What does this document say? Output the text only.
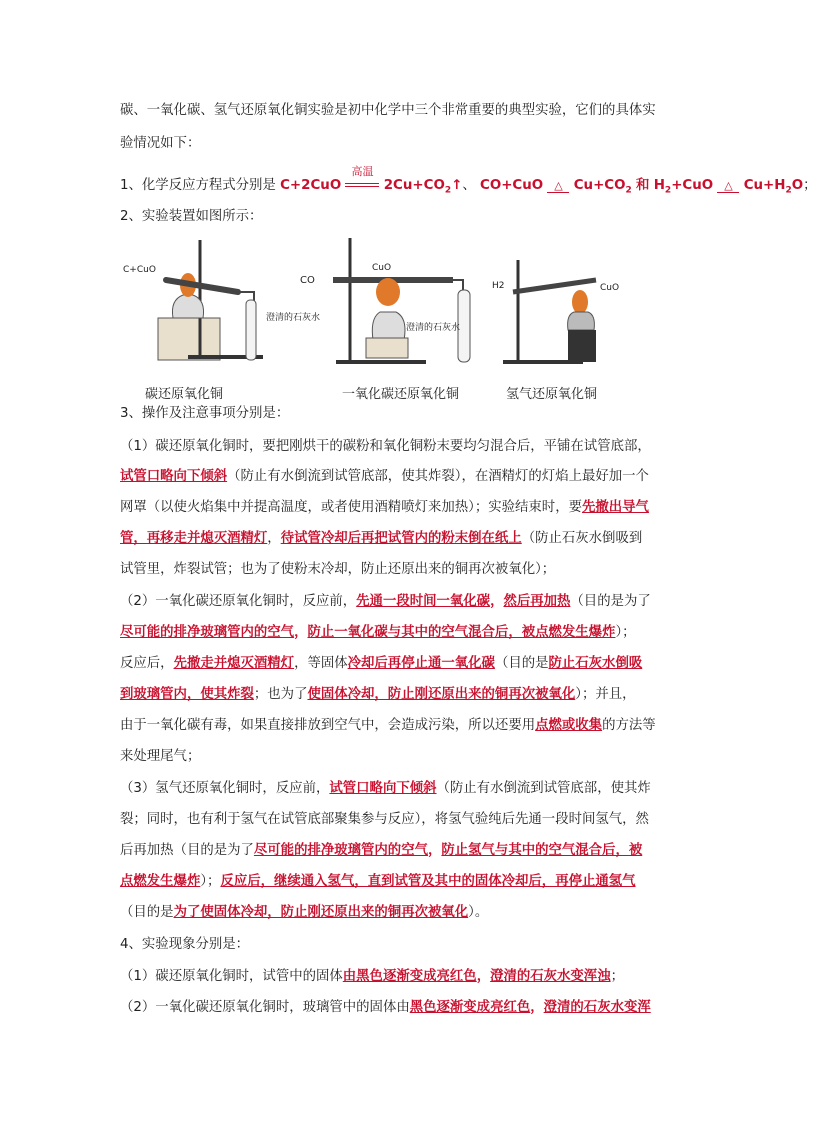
碳、一氧化碳、氢气还原氧化铜实验是初中化学中三个非常重要的典型实验，它们的具体实
验情况如下：
1、化学反应方程式分别是 C+2CuO
高温
$2Cu+CO_2↑$、 CO+CuO △ $Cu+CO_2$ 和 $H_2+CuO$ △ $Cu+H_2O$；
2、实验装置如图所示：
C+CuO
澄清的石灰水
CO
CuO
澄清的石灰水
H2	CuO
碳还原氧化铜	一氧化碳还原氧化铜	氢气还原氧化铜
3、操作及注意事项分别是：
（1）碳还原氧化铜时，要把刚烘干的碳粉和氧化铜粉末要均匀混合后，平铺在试管底部，
试管口略向下倾斜（防止有水倒流到试管底部，使其炸裂），在酒精灯的灯焰上最好加一个
网罩（以使火焰集中并提高温度，或者使用酒精喷灯来加热）；实验结束时，要先撤出导气
管，再移走并熄灭酒精灯，待试管冷却后再把试管内的粉末倒在纸上（防止石灰水倒吸到
试管里，炸裂试管；也为了使粉末冷却，防止还原出来的铜再次被氧化）；
（2）一氧化碳还原氧化铜时，反应前，先通一段时间一氧化碳，然后再加热（目的是为了
尽可能的排净玻璃管内的空气，防止一氧化碳与其中的空气混合后，被点燃发生爆炸）；
反应后，先撤走并熄灭酒精灯，等固体冷却后再停止通一氧化碳（目的是防止石灰水倒吸
到玻璃管内，使其炸裂；也为了使固体冷却，防止刚还原出来的铜再次被氧化）；并且，
由于一氧化碳有毒，如果直接排放到空气中，会造成污染，所以还要用点燃或收集的方法等
来处理尾气；
（3）氢气还原氧化铜时，反应前，试管口略向下倾斜（防止有水倒流到试管底部，使其炸
裂；同时，也有利于氢气在试管底部聚集参与反应），将氢气验纯后先通一段时间氢气，然
后再加热（目的是为了尽可能的排净玻璃管内的空气，防止氢气与其中的空气混合后，被
点燃发生爆炸）；反应后，继续通入氢气，直到试管及其中的固体冷却后，再停止通氢气
（目的是为了使固体冷却，防止刚还原出来的铜再次被氧化）。
4、实验现象分别是：
（1）碳还原氧化铜时，试管中的固体由黑色逐渐变成亮红色，澄清的石灰水变浑浊；
（2）一氧化碳还原氧化铜时，玻璃管中的固体由黑色逐渐变成亮红色，澄清的石灰水变浑
